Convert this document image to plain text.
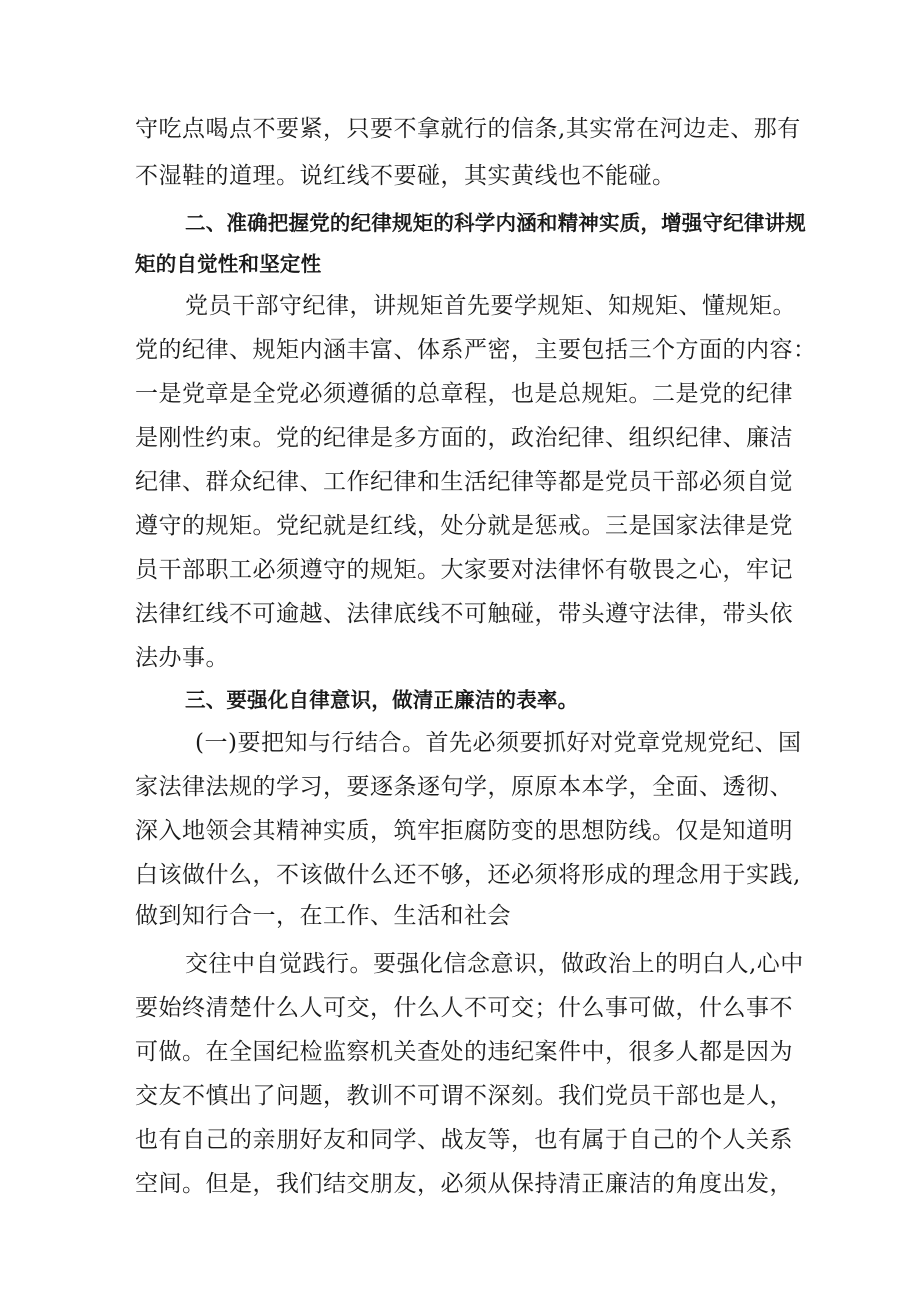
守吃点喝点不要紧，只要不拿就行的信条,其实常在河边走、那有
不湿鞋的道理。说红线不要碰，其实黄线也不能碰。
二、准确把握党的纪律规矩的科学内涵和精神实质，增强守纪律讲规
矩的自觉性和坚定性
党员干部守纪律，讲规矩首先要学规矩、知规矩、懂规矩。
党的纪律、规矩内涵丰富、体系严密，主要包括三个方面的内容：
一是党章是全党必须遵循的总章程，也是总规矩。二是党的纪律
是刚性约束。党的纪律是多方面的，政治纪律、组织纪律、廉洁
纪律、群众纪律、工作纪律和生活纪律等都是党员干部必须自觉
遵守的规矩。党纪就是红线，处分就是惩戒。三是国家法律是党
员干部职工必须遵守的规矩。大家要对法律怀有敬畏之心，牢记
法律红线不可逾越、法律底线不可触碰，带头遵守法律，带头依
法办事。
三、要强化自律意识，做清正廉洁的表率。
(一)要把知与行结合。首先必须要抓好对党章党规党纪、国
家法律法规的学习，要逐条逐句学，原原本本学，全面、透彻、
深入地领会其精神实质，筑牢拒腐防变的思想防线。仅是知道明
白该做什么，不该做什么还不够，还必须将形成的理念用于实践,
做到知行合一，在工作、生活和社会
交往中自觉践行。要强化信念意识，做政治上的明白人,心中
要始终清楚什么人可交，什么人不可交；什么事可做，什么事不
可做。在全国纪检监察机关查处的违纪案件中，很多人都是因为
交友不慎出了问题，教训不可谓不深刻。我们党员干部也是人，
也有自己的亲朋好友和同学、战友等，也有属于自己的个人关系
空间。但是，我们结交朋友，必须从保持清正廉洁的角度出发，
